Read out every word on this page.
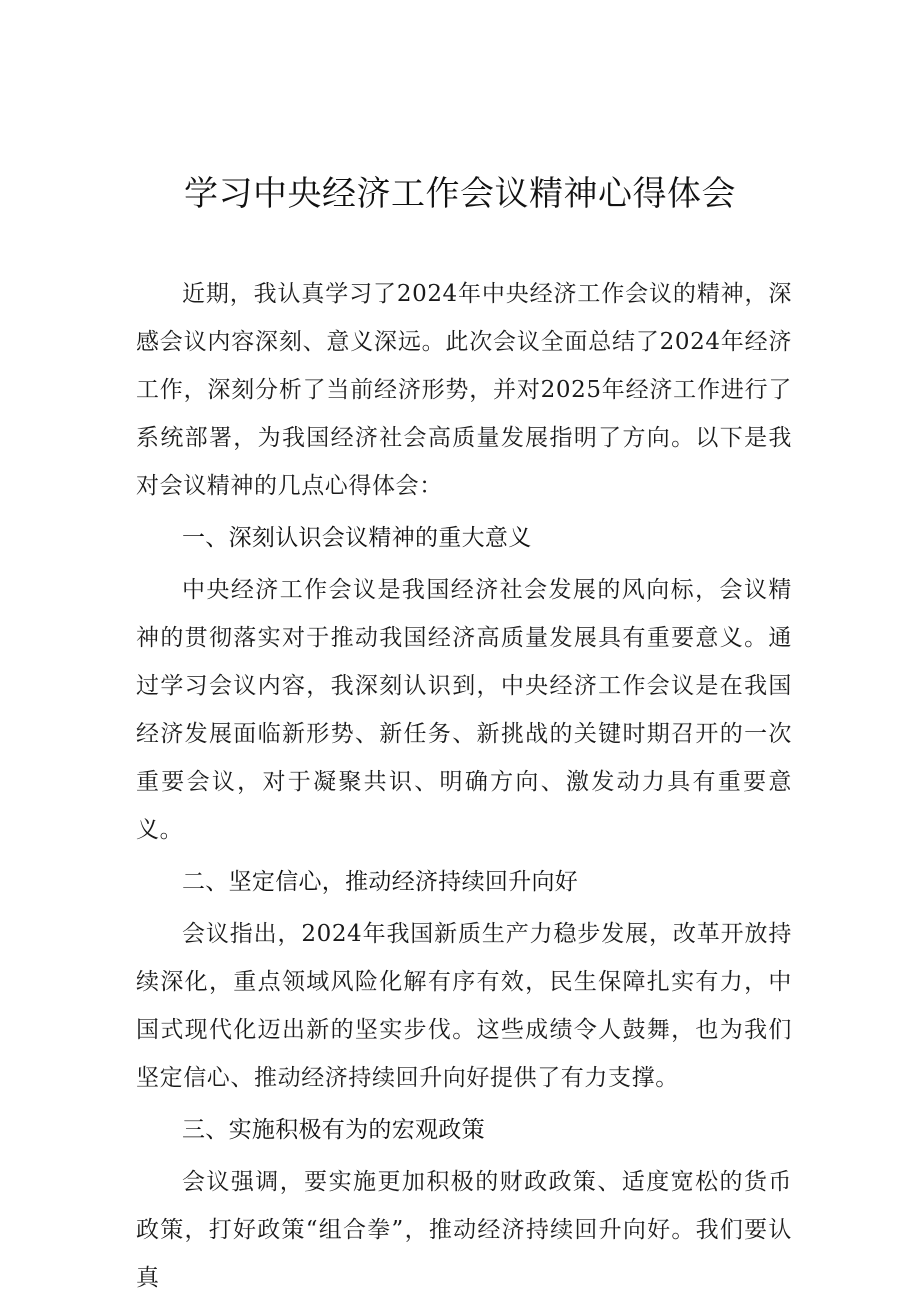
学习中央经济工作会议精神心得体会

近期，我认真学习了2024年中央经济工作会议的精神，深感会议内容深刻、意义深远。此次会议全面总结了2024年经济工作，深刻分析了当前经济形势，并对2025年经济工作进行了系统部署，为我国经济社会高质量发展指明了方向。以下是我对会议精神的几点心得体会：

一、深刻认识会议精神的重大意义

中央经济工作会议是我国经济社会发展的风向标，会议精神的贯彻落实对于推动我国经济高质量发展具有重要意义。通过学习会议内容，我深刻认识到，中央经济工作会议是在我国经济发展面临新形势、新任务、新挑战的关键时期召开的一次重要会议，对于凝聚共识、明确方向、激发动力具有重要意义。

二、坚定信心，推动经济持续回升向好

会议指出，2024年我国新质生产力稳步发展，改革开放持续深化，重点领域风险化解有序有效，民生保障扎实有力，中国式现代化迈出新的坚实步伐。这些成绩令人鼓舞，也为我们坚定信心、推动经济持续回升向好提供了有力支撑。

三、实施积极有为的宏观政策

会议强调，要实施更加积极的财政政策、适度宽松的货币政策，打好政策“组合拳”，推动经济持续回升向好。我们要认真
